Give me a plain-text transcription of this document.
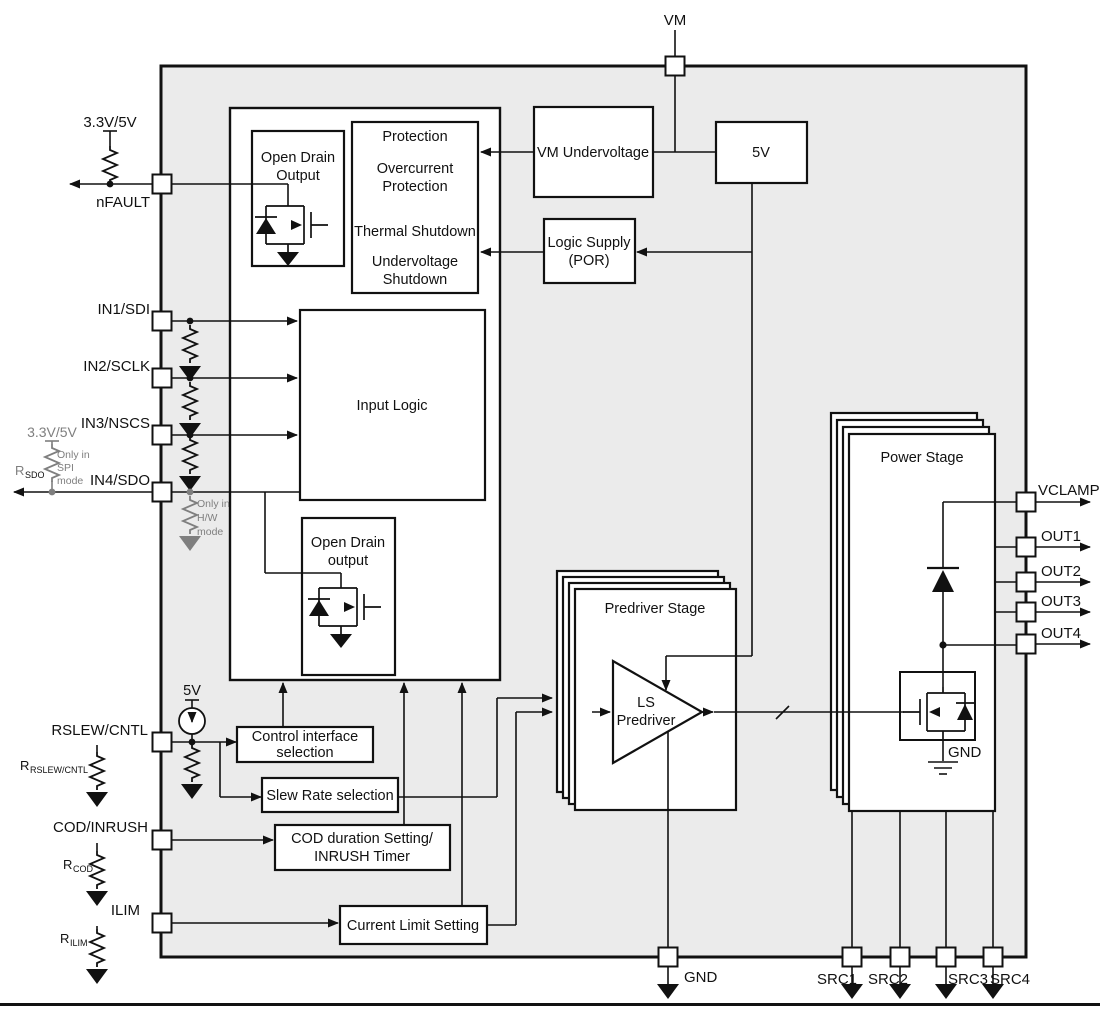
VM
3.3V/5V
nFAULT
IN1/SDI
IN2/SCLK
IN3/NSCS
IN4/SDO
3.3V/5V
R SDO
Only in
SPI
mode
Only in
H/W
mode
RSLEW/CNTL
5V
R RSLEW/CNTL
COD/INRUSH
R COD
ILIM
R ILIM
Open Drain
Output
Protection
Overcurrent
Protection
Thermal Shutdown
Undervoltage
Shutdown
VM Undervoltage	5V
Logic Supply
(POR)
Input Logic
Open Drain
output
Control interface
selection
Slew Rate selection
COD duration Setting/
INRUSH Timer
Current Limit Setting
Predriver Stage
LS
Predriver
Power Stage
GND
VCLAMP
OUT1
OUT2
OUT3
OUT4
GND	SRC1 SRC2	SRC3 SRC4
